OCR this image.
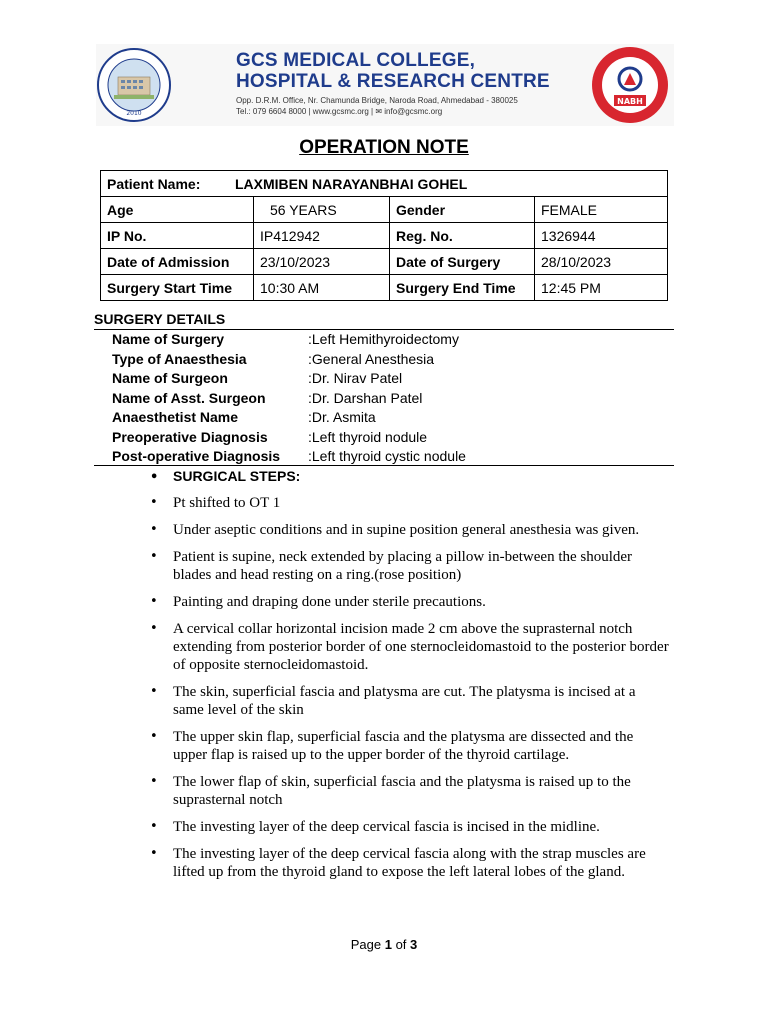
2010
GCS MEDICAL COLLEGE,
HOSPITAL & RESEARCH CENTRE
Opp. D.R.M. Office, Nr. Chamunda Bridge, Naroda Road, Ahmedabad - 380025
Tel.: 079 6604 8000 | www.gcsmc.org | ✉ info@gcsmc.org
NABH
OPERATION NOTE
Patient Name: LAXMIBEN NARAYANBHAI GOHEL			
Age	56 YEARS	Gender	FEMALE
IP No.	IP412942	Reg. No.	1326944
Date of Admission	23/10/2023	Date of Surgery	28/10/2023
Surgery Start Time	10:30 AM	Surgery End Time	12:45 PM
SURGERY DETAILS
Name of Surgery	:Left Hemithyroidectomy
Type of Anaesthesia	:General Anesthesia
Name of Surgeon	:Dr. Nirav Patel
Name of Asst. Surgeon	:Dr. Darshan Patel
Anaesthetist Name	:Dr. Asmita
Preoperative Diagnosis	:Left thyroid nodule
Post-operative Diagnosis :Left thyroid cystic nodule
• SURGICAL STEPS:
• Pt shifted to OT 1
• Under aseptic conditions and in supine position general anesthesia was given.
• Patient is supine, neck extended by placing a pillow in-between the shoulder blades and head resting on a ring.(rose position)
• Painting and draping done under sterile precautions.
• A cervical collar horizontal incision made 2 cm above the suprasternal notch extending from posterior border of one sternocleidomastoid to the posterior border of opposite sternocleidomastoid.
• The skin, superficial fascia and platysma are cut. The platysma is incised at a same level of the skin
• The upper skin flap, superficial fascia and the platysma are dissected and the upper flap is raised up to the upper border of the thyroid cartilage.
• The lower flap of skin, superficial fascia and the platysma is raised up to the suprasternal notch
• The investing layer of the deep cervical fascia is incised in the midline.
• The investing layer of the deep cervical fascia along with the strap muscles are lifted up from the thyroid gland to expose the left lateral lobes of the gland.
Page 1 of 3
